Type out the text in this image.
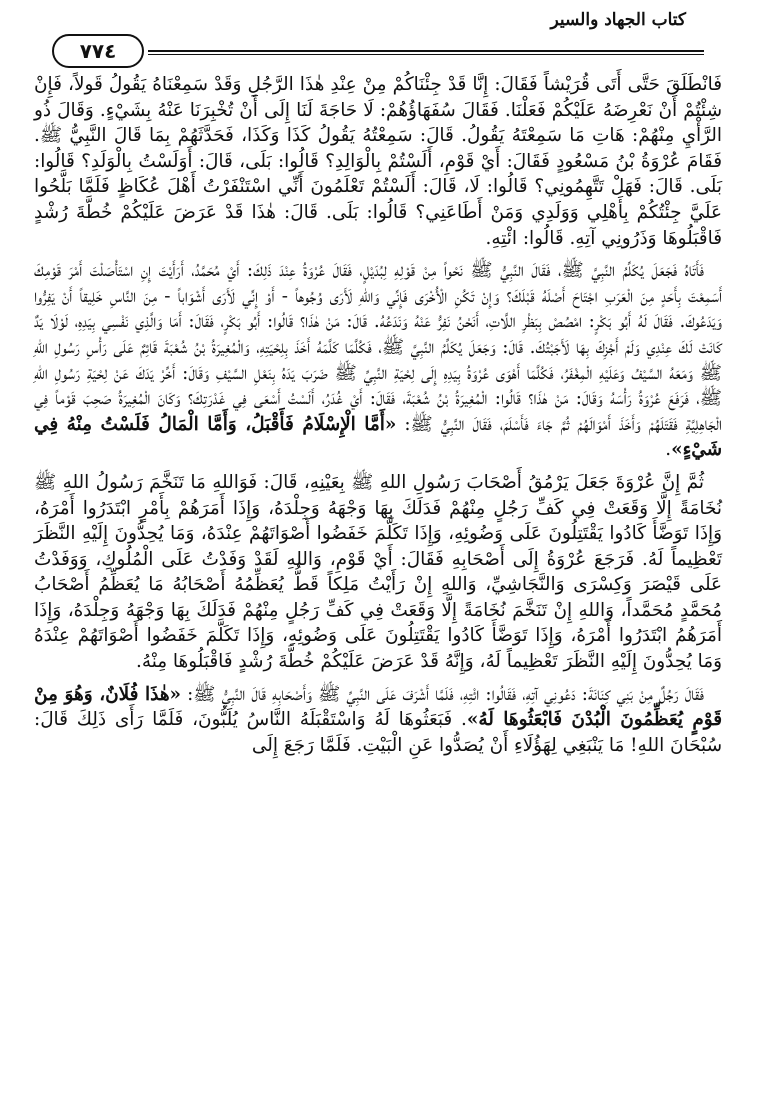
كتاب الجهاد والسير
٧٧٤

فَانْطَلَقَ حَتَّى أَتَى قُرَيْشاً فَقَالَ: إِنَّا قَدْ جِئْنَاكُمْ مِنْ عِنْدِ هٰذَا الرَّجُلِ وَقَدْ سَمِعْنَاهُ يَقُولُ قَولاً، فَإِنْ شِئْتُمْ أَنْ نَعْرِضَهُ عَلَيْكُمْ فَعَلْنَا. فَقَالَ سُفَهَاؤُهُمْ: لَا حَاجَةَ لَنَا إِلَى أَنْ تُخْبِرَنَا عَنْهُ بِشَيْءٍ. وَقَالَ ذُو الرَّأْيِ مِنْهُمْ: هَاتِ مَا سَمِعْتَهُ يَقُولُ. قَالَ: سَمِعْتُهُ يَقُولُ كَذَا وَكَذَا، فَحَدَّثَهُمْ بِمَا قَالَ النَّبِيُّ ﷺ. فَقَامَ عُرْوَةُ بْنُ مَسْعُودٍ فَقَالَ: أَيْ قَوْمِ، أَلَسْتُمْ بِالْوَالِدِ؟ قَالُوا: بَلَى، قَالَ: أَوَلَسْتُ بِالْوَلَدِ؟ قَالُوا: بَلَى. قَالَ: فَهَلْ تَتَّهِمُونِي؟ قَالُوا: لَا، قَالَ: أَلَسْتُمْ تَعْلَمُونَ أَنِّي اسْتَنْفَرْتُ أَهْلَ عُكَاظٍ فَلَمَّا بَلَّحُوا عَلَيَّ جِئْتُكُمْ بِأَهْلِي وَوَلَدِي وَمَنْ أَطَاعَنِي؟ قَالُوا: بَلَى. قَالَ: هٰذَا قَدْ عَرَضَ عَلَيْكُمْ خُطَّةَ رُشْدٍ فَاقْبَلُوهَا وَذَرُونِي آتِهِ. قَالُوا: ائْتِهِ.

فَأَتَاهُ فَجَعَلَ يُكَلِّمُ النَّبِيَّ ﷺ، فَقَالَ النَّبِيُّ ﷺ نَحْواً مِنْ قَوْلِهِ لِبُدَيْلٍ، فَقَالَ عُرْوَةُ عِنْدَ ذَلِكَ: أَيْ مُحَمَّدُ، أَرَأَيْتَ إِنِ اسْتَأْصَلْتَ أَمْرَ قَوْمِكَ أَسَمِعْتَ بِأَحَدٍ مِنَ الْعَرَبِ اجْتَاحَ أَصْلَهُ قَبْلَكَ؟ وَإِنْ تَكُنِ الْأُخْرَى فَإِنِّي وَاللهِ لَأَرَى وُجُوهاً - أَوْ إِنِّي لَأَرَى أَشْوَاباً - مِنَ النَّاسِ خَلِيقاً أَنْ يَفِرُّوا وَيَدَعُوكَ. فَقَالَ لَهُ أَبُو بَكْرٍ: امْصُصْ بِبَظْرِ اللَّاتِ، أَنَحْنُ نَفِرُّ عَنْهُ وَنَدَعُهُ. قَالَ: مَنْ هٰذَا؟ قَالُوا: أَبُو بَكْرٍ، فَقَالَ: أَمَا وَالَّذِي نَفْسِي بِيَدِهِ، لَوْلَا يَدٌ كَانَتْ لَكَ عِنْدِي وَلَمْ أَجْزِكَ بِهَا لَأَجَبْتُكَ. قَالَ: وَجَعَلَ يُكَلِّمُ النَّبِيَّ ﷺ، فَكُلَّمَا كَلَّمَهُ أَخَذَ بِلِحْيَتِهِ، وَالْمُغِيرَةُ بْنُ شُعْبَةَ قَائِمٌ عَلَى رَأْسِ رَسُولِ اللهِ ﷺ وَمَعَهُ السَّيْفُ وَعَلَيْهِ الْمِغْفَرُ، فَكُلَّمَا أَهْوَى عُرْوَةُ بِيَدِهِ إِلَى لِحْيَةِ النَّبِيِّ ﷺ ضَرَبَ يَدَهُ بِنَعْلِ السَّيْفِ وَقَالَ: أَخِّرْ يَدَكَ عَنْ لِحْيَةِ رَسُولِ اللهِ ﷺ، فَرَفَعَ عُرْوَةُ رَأْسَهُ وَقَالَ: مَنْ هٰذَا؟ قَالُوا: الْمُغِيرَةُ بْنُ شُعْبَةَ، فَقَالَ: أَيْ غُدَرُ، أَلَسْتُ أَسْعَى فِي غَدْرَتِكَ؟ وَكَانَ الْمُغِيرَةُ صَحِبَ قَوْماً فِي الْجَاهِلِيَّةِ فَقَتَلَهُمْ وَأَخَذَ أَمْوَالَهُمْ ثُمَّ جَاءَ فَأَسْلَمَ، فَقَالَ النَّبِيُّ ﷺ: «أَمَّا الْإِسْلَامُ فَأَقْبَلُ، وَأَمَّا الْمَالُ فَلَسْتُ مِنْهُ فِي شَيْءٍ».

ثُمَّ إِنَّ عُرْوَةَ جَعَلَ يَرْمُقُ أَصْحَابَ رَسُولِ اللهِ ﷺ بِعَيْنِهِ، قَالَ: فَوَاللهِ مَا تَنَخَّمَ رَسُولُ اللهِ ﷺ نُخَامَةً إِلَّا وَقَعَتْ فِي كَفِّ رَجُلٍ مِنْهُمْ فَدَلَكَ بِهَا وَجْهَهُ وَجِلْدَهُ، وَإِذَا أَمَرَهُمْ بِأَمْرٍ ابْتَدَرُوا أَمْرَهُ، وَإِذَا تَوَضَّأَ كَادُوا يَقْتَتِلُونَ عَلَى وَضُوئِهِ، وَإِذَا تَكَلَّمَ خَفَضُوا أَصْوَاتَهُمْ عِنْدَهُ، وَمَا يُحِدُّونَ إِلَيْهِ النَّظَرَ تَعْظِيماً لَهُ. فَرَجَعَ عُرْوَةُ إِلَى أَصْحَابِهِ فَقَالَ: أَيْ قَوْمِ، وَاللهِ لَقَدْ وَفَدْتُ عَلَى الْمُلُوكِ، وَوَفَدْتُ عَلَى قَيْصَرَ وَكِسْرَى وَالنَّجَاشِيِّ، وَاللهِ إِنْ رَأَيْتُ مَلِكاً قَطُّ يُعَظِّمُهُ أَصْحَابُهُ مَا يُعَظِّمُ أَصْحَابُ مُحَمَّدٍ مُحَمَّداً، وَاللهِ إِنْ تَنَخَّمَ نُخَامَةً إِلَّا وَقَعَتْ فِي كَفِّ رَجُلٍ مِنْهُمْ فَدَلَكَ بِهَا وَجْهَهُ وَجِلْدَهُ، وَإِذَا أَمَرَهُمُ ابْتَدَرُوا أَمْرَهُ، وَإِذَا تَوَضَّأَ كَادُوا يَقْتَتِلُونَ عَلَى وَضُوئِهِ، وَإِذَا تَكَلَّمَ خَفَضُوا أَصْوَاتَهُمْ عِنْدَهُ وَمَا يُحِدُّونَ إِلَيْهِ النَّظَرَ تَعْظِيماً لَهُ، وَإِنَّهُ قَدْ عَرَضَ عَلَيْكُمْ خُطَّةَ رُشْدٍ فَاقْبَلُوهَا مِنْهُ.

فَقَالَ رَجُلٌ مِنْ بَنِي كِنَانَةَ: دَعُونِي آتِهِ، فَقَالُوا: ائْتِهِ، فَلَمَّا أَشْرَفَ عَلَى النَّبِيِّ ﷺ وَأَصْحَابِهِ قَالَ النَّبِيُّ ﷺ: «هٰذَا فُلَانٌ، وَهُوَ مِنْ قَوْمٍ يُعَظِّمُونَ الْبُدْنَ فَابْعَثُوهَا لَهُ». فَبَعَثُوهَا لَهُ وَاسْتَقْبَلَهُ النَّاسُ يُلَبُّونَ، فَلَمَّا رَأَى ذَلِكَ قَالَ: سُبْحَانَ اللهِ! مَا يَنْبَغِي لِهَؤُلَاءِ أَنْ يُصَدُّوا عَنِ الْبَيْتِ. فَلَمَّا رَجَعَ إِلَى
